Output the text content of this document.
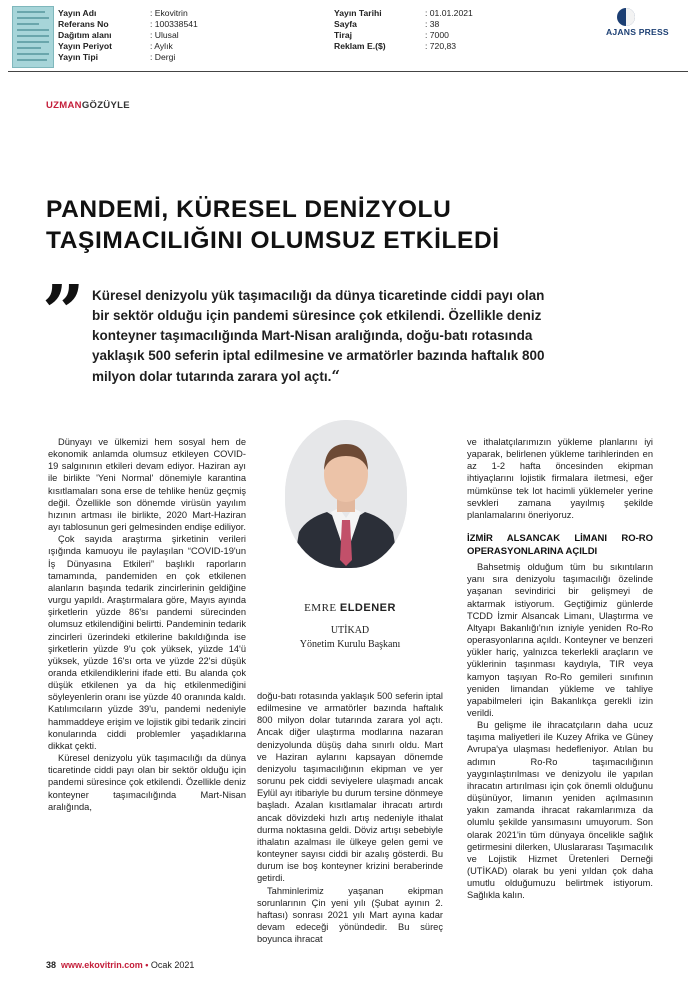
Yayın Adı	: Ekovitrin
Referans No	: 100338541
Dağıtım alanı	: Ulusal
Yayın Periyot	: Aylık
Yayın Tipi	: Dergi
Yayın Tarihi	: 01.01.2021
Sayfa	: 38
Tiraj	: 7000
Reklam E.($)	: 720,83
AJANS PRESS
UZMANGÖZÜYLE
PANDEMİ, KÜRESEL DENİZYOLU
TAŞIMACILIĞINI OLUMSUZ ETKİLEDİ
” Küresel denizyolu yük taşımacılığı da dünya ticaretinde ciddi payı olan bir sektör olduğu için pandemi süresince çok etkilendi. Özellikle deniz konteyner taşımacılığında Mart-Nisan aralığında, doğu-batı rotasında yaklaşık 500 seferin iptal edilmesine ve armatörler bazında haftalık 800 milyon dolar tutarında zarara yol açtı.“

Dünyayı ve ülkemizi hem sosyal hem de ekonomik anlamda olumsuz etkileyen COVID-19 salgınının etkileri devam ediyor. Haziran ayı ile birlikte 'Yeni Normal' dönemiyle karantina kısıtlamaları sona erse de tehlike henüz geçmiş değil. Özellikle son dönemde virüsün yayılım hızının artması ile birlikte, 2020 Mart-Haziran ayı tablosunun geri gelmesinden endişe ediliyor.

Çok sayıda araştırma şirketinin verileri ışığında kamuoyu ile paylaşılan “COVID-19'un İş Dünyasına Etkileri” başlıklı raporların tamamında, pandemiden en çok etkilenen alanların başında tedarik zincirlerinin geldiğine vurgu yapıldı. Araştırmalara göre, Mayıs ayında şirketlerin yüzde 86'sı pandemi sürecinden olumsuz etkilendiğini belirtti. Pandeminin tedarik zincirleri üzerindeki etkilerine bakıldığında ise şirketlerin yüzde 9'u çok yüksek, yüzde 14'ü yüksek, yüzde 16'sı orta ve yüzde 22'si düşük oranda etkilendiklerini ifade etti. Bu alanda çok düşük etkilenen ya da hiç etkilenmediğini söyleyenlerin oranı ise yüzde 40 oranında kaldı. Katılımcıların yüzde 39'u, pandemi nedeniyle hammaddeye erişim ve lojistik gibi tedarik zinciri konularında ciddi problemler yaşadıklarına dikkat çekti.

Küresel denizyolu yük taşımacılığı da dünya ticaretinde ciddi payı olan bir sektör olduğu için pandemi süresince çok etkilendi. Özellikle deniz konteyner taşımacılığında Mart-Nisan aralığında,

EMRE ELDENER
UTİKAD
Yönetim Kurulu Başkanı

doğu-batı rotasında yaklaşık 500 seferin iptal edilmesine ve armatörler bazında haftalık 800 milyon dolar tutarında zarara yol açtı. Ancak diğer ulaştırma modlarına nazaran denizyolunda düşüş daha sınırlı oldu. Mart ve Haziran aylarını kapsayan dönemde denizyolu taşımacılığının ekipman ve yer sorunu pek ciddi seviyelere ulaşmadı ancak Eylül ayı itibariyle bu durum tersine dönmeye başladı. Azalan kısıtlamalar ihracatı artırdı ancak dövizdeki hızlı artış nedeniyle ithalat durma noktasına geldi. Döviz artışı sebebiyle ithalatın azalması ile ülkeye gelen gemi ve konteyner sayısı ciddi bir azalış gösterdi. Bu durum ise boş konteyner krizini beraberinde getirdi.

Tahminlerimiz yaşanan ekipman sorunlarının Çin yeni yılı (Şubat ayının 2. haftası) sonrası 2021 yılı Mart ayına kadar devam edeceği yönündedir. Bu süreç boyunca ihracat

ve ithalatçılarımızın yükleme planlarını iyi yaparak, belirlenen yükleme tarihlerinden en az 1-2 hafta öncesinden ekipman ihtiyaçlarını lojistik firmalara iletmesi, eğer mümkünse tek lot hacimli yüklemeler yerine sevkleri zamana yayılmış şekilde planlamalarını öneriyoruz.

İZMİR ALSANCAK LİMANI RO-RO OPERASYONLARINA AÇILDI

Bahsetmiş olduğum tüm bu sıkıntıların yanı sıra denizyolu taşımacılığı özelinde yaşanan sevindirici bir gelişmeyi de aktarmak istiyorum. Geçtiğimiz günlerde TCDD İzmir Alsancak Limanı, Ulaştırma ve Altyapı Bakanlığı'nın izniyle yeniden Ro-Ro operasyonlarına açıldı. Konteyner ve benzeri yükler hariç, yalnızca tekerlekli araçların ve yüklerinin taşınması kaydıyla, TIR veya kamyon taşıyan Ro-Ro gemileri sınıfının yeniden limandan yükleme ve tahliye yapabilmeleri için Bakanlıkça gerekli izin verildi.

Bu gelişme ile ihracatçıların daha ucuz taşıma maliyetleri ile Kuzey Afrika ve Güney Avrupa'ya ulaşması hedefleniyor. Atılan bu adımın Ro-Ro taşımacılığının yaygınlaştırılması ve denizyolu ile yapılan ihracatın artırılması için çok önemli olduğunu düşünüyor, limanın yeniden açılmasının yakın zamanda ihracat rakamlarımıza da olumlu şekilde yansımasını umuyorum. Son olarak 2021'in tüm dünyaya öncelikle sağlık getirmesini dilerken, Uluslararası Taşımacılık ve Lojistik Hizmet Üretenleri Derneği (UTİKAD) olarak bu yeni yıldan çok daha umutlu olduğumuzu belirtmek istiyorum. Sağlıkla kalın.

38 www.ekovitrin.com • Ocak 2021
